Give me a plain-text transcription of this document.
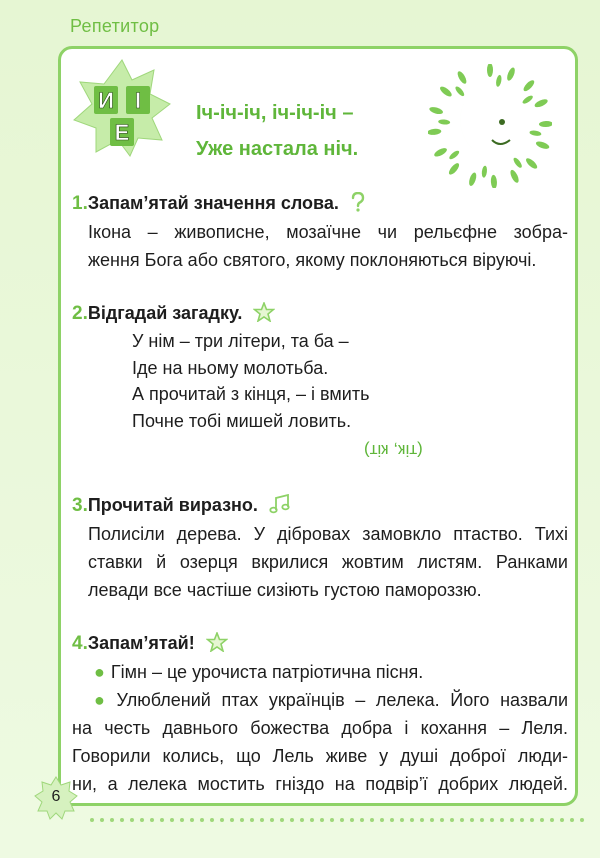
Репетитор
И І
Е
Іч-іч-іч, іч-іч-іч –
Уже настала ніч.
1.Запам’ятай значення слова.
Ікона – живописне, мозаїчне чи рельєфне зобра-
ження Бога або святого, якому поклоняються віруючі.
2.Відгадай загадку.
У нім – три літери, та ба –
Іде на ньому молотьба.
А прочитай з кінця, – і вмить
Почне тобі мишей ловить.
(тік, кіт)
3.Прочитай виразно.
Полисіли дерева. У дібровах замовкло птаство. Тихі
ставки й озерця вкрилися жовтим листям. Ранками
левади все частіше сизіють густою памороззю.
4.Запам’ятай!
● Гімн – це урочиста патріотична пісня.
● Улюблений птах українців – лелека. Його назвали
на честь давнього божества добра і кохання – Леля.
Говорили колись, що Лель живе у душі доброї люди-
ни, а лелека мостить гніздо на подвір’ї добрих людей.
6
